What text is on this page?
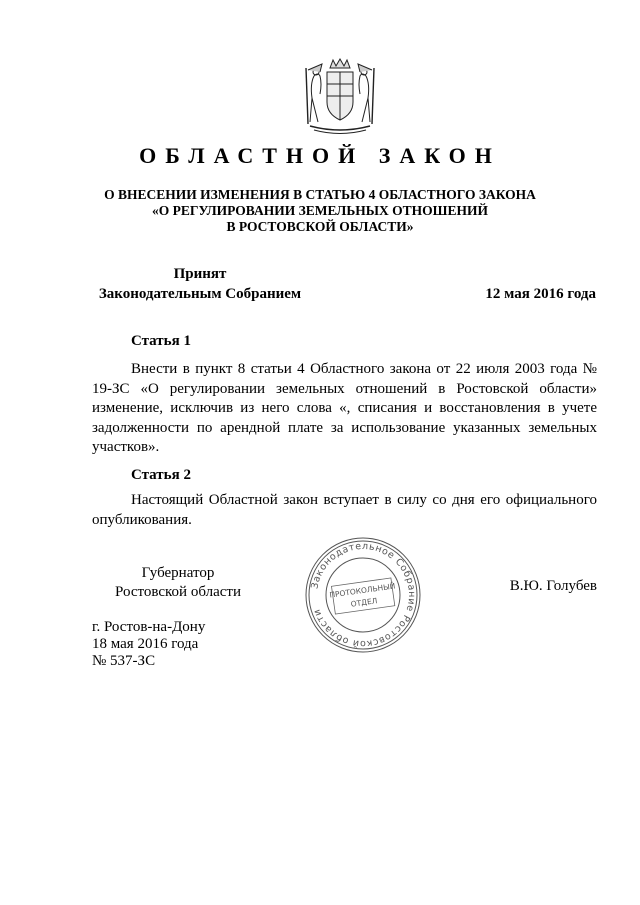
ОБЛАСТНОЙ ЗАКОН
О ВНЕСЕНИИ ИЗМЕНЕНИЯ В СТАТЬЮ 4 ОБЛАСТНОГО ЗАКОНА
«О РЕГУЛИРОВАНИИ ЗЕМЕЛЬНЫХ ОТНОШЕНИЙ
В РОСТОВСКОЙ ОБЛАСТИ»
Принят
Законодательным Собранием	12 мая 2016 года
Статья 1

Внести в пункт 8 статьи 4 Областного закона от 22 июля 2003 года № 19-ЗС «О регулировании земельных отношений в Ростовской области» изменение, исключив из него слова «, списания и восстановления в учете задолженности по арендной плате за использование указанных земельных участков».

Статья 2

Настоящий Областной закон вступает в силу со дня его официального опубликования.

Губернатор
Ростовской области	В.Ю. Голубев
г. Ростов-на-Дону
18 мая 2016 года
№ 537-ЗС
Законодательное Собрание Ростовской области
ПРОТОКОЛЬНЫЙ
ОТДЕЛ
